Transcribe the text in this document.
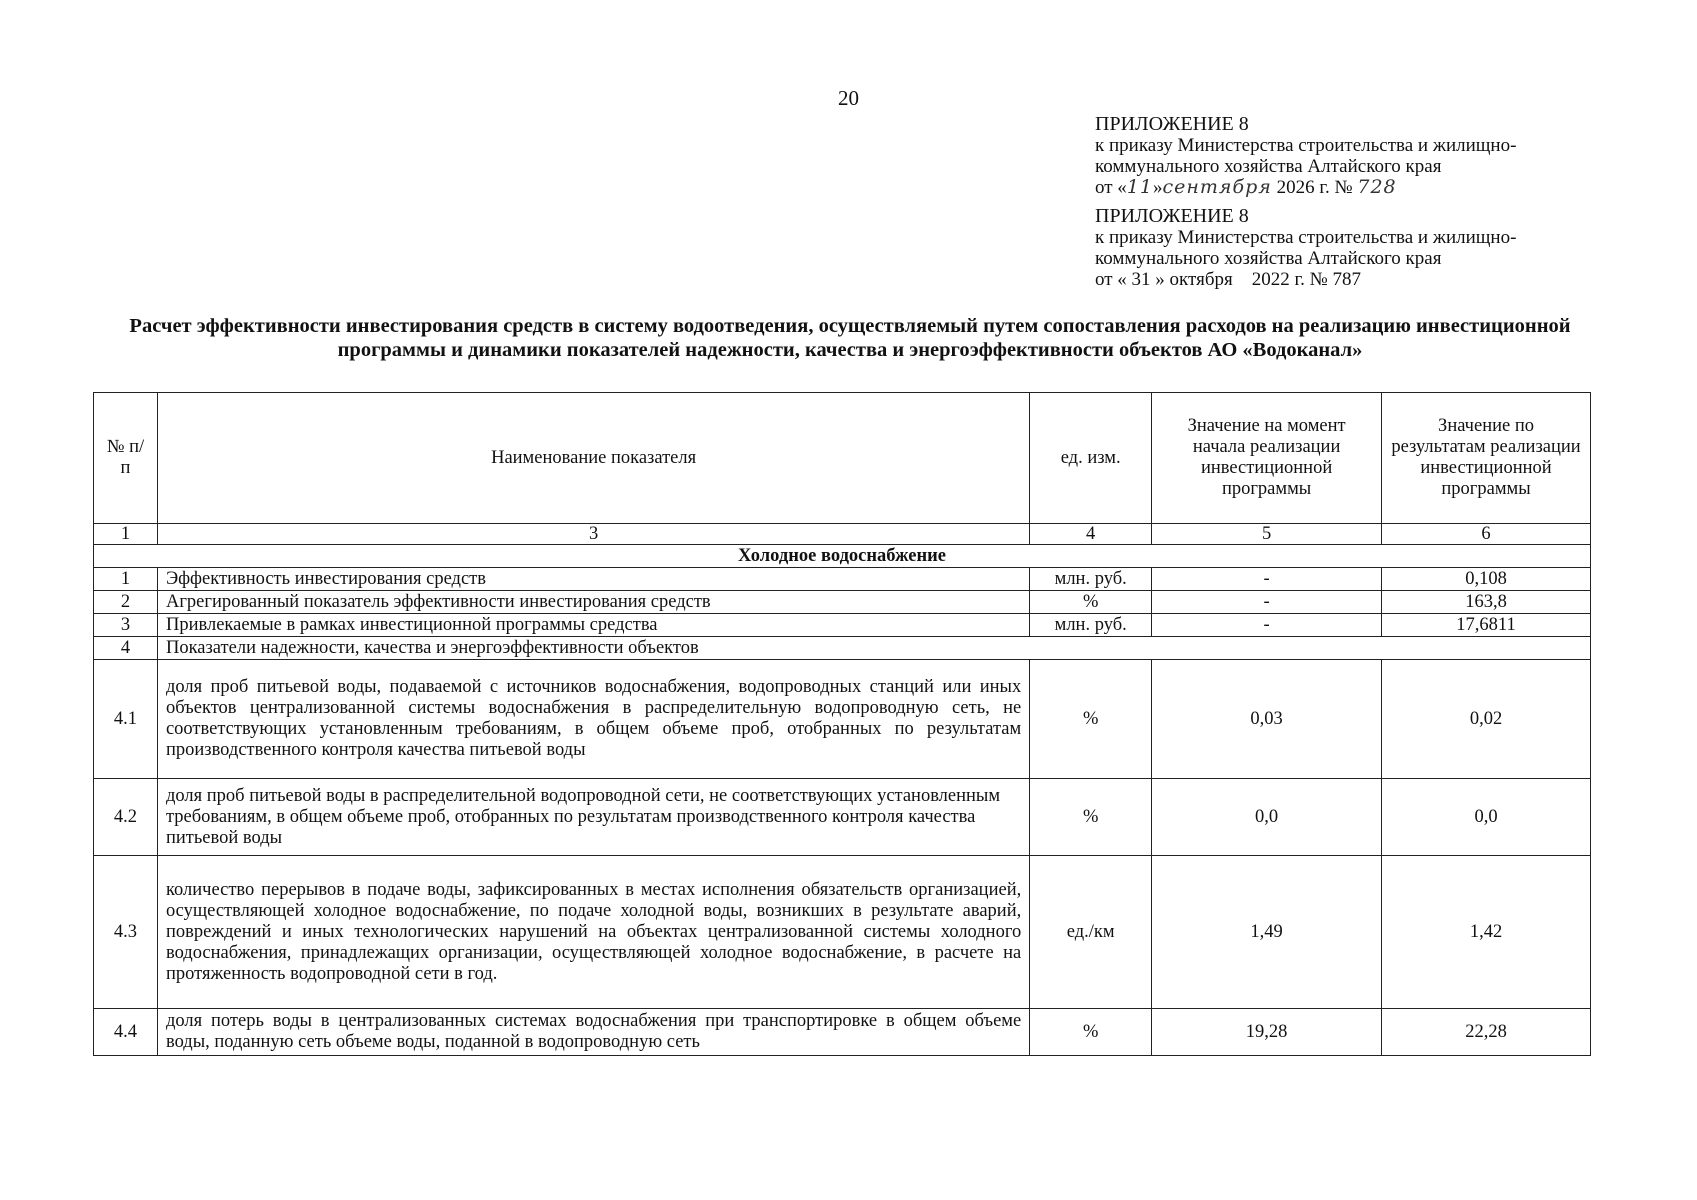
20
ПРИЛОЖЕНИЕ 8
к приказу Министерства строительства и жилищно-
коммунального хозяйства Алтайского края
от «11»сентября 2026 г. № 728
ПРИЛОЖЕНИЕ 8
к приказу Министерства строительства и жилищно-
коммунального хозяйства Алтайского края
от « 31 » октября    2022 г. № 787
Расчет эффективности инвестирования средств в систему водоотведения, осуществляемый путем сопоставления расходов на реализацию инвестиционной программы и динамики показателей надежности, качества и энергоэффективности объектов АО «Водоканал»
№ п/п	Наименование показателя	ед. изм.	Значение на момент начала реализации инвестиционной программы	Значение по результатам реализации инвестиционной программы
1	3	4	5	6
Холодное водоснабжение				
1	Эффективность инвестирования средств	млн. руб.	-	0,108
2	Агрегированный показатель эффективности инвестирования средств	%	-	163,8
3	Привлекаемые в рамках инвестиционной программы средства	млн. руб.	-	17,6811
4	Показатели надежности, качества и энергоэффективности объектов			
4.1	доля проб питьевой воды, подаваемой с источников водоснабжения, водопроводных станций или иных объектов централизованной системы водоснабжения в распределительную водопроводную сеть, не соответствующих установленным требованиям, в общем объеме проб, отобранных по результатам производственного контроля качества питьевой воды	%	0,03	0,02
4.2	доля проб питьевой воды в распределительной водопроводной сети, не соответствующих установленным требованиям, в общем объеме проб, отобранных по результатам производственного контроля качества питьевой воды	%	0,0	0,0
4.3	количество перерывов в подаче воды, зафиксированных в местах исполнения обязательств организацией, осуществляющей холодное водоснабжение, по подаче холодной воды, возникших в результате аварий, повреждений и иных технологических нарушений на объектах централизованной системы холодного водоснабжения, принадлежащих организации, осуществляющей холодное водоснабжение, в расчете на протяженность водопроводной сети в год.	ед./км	1,49	1,42
4.4	доля потерь воды в централизованных системах водоснабжения при транспортировке в общем объеме воды, поданную сеть объеме воды, поданной в водопроводную сеть	%	19,28	22,28
